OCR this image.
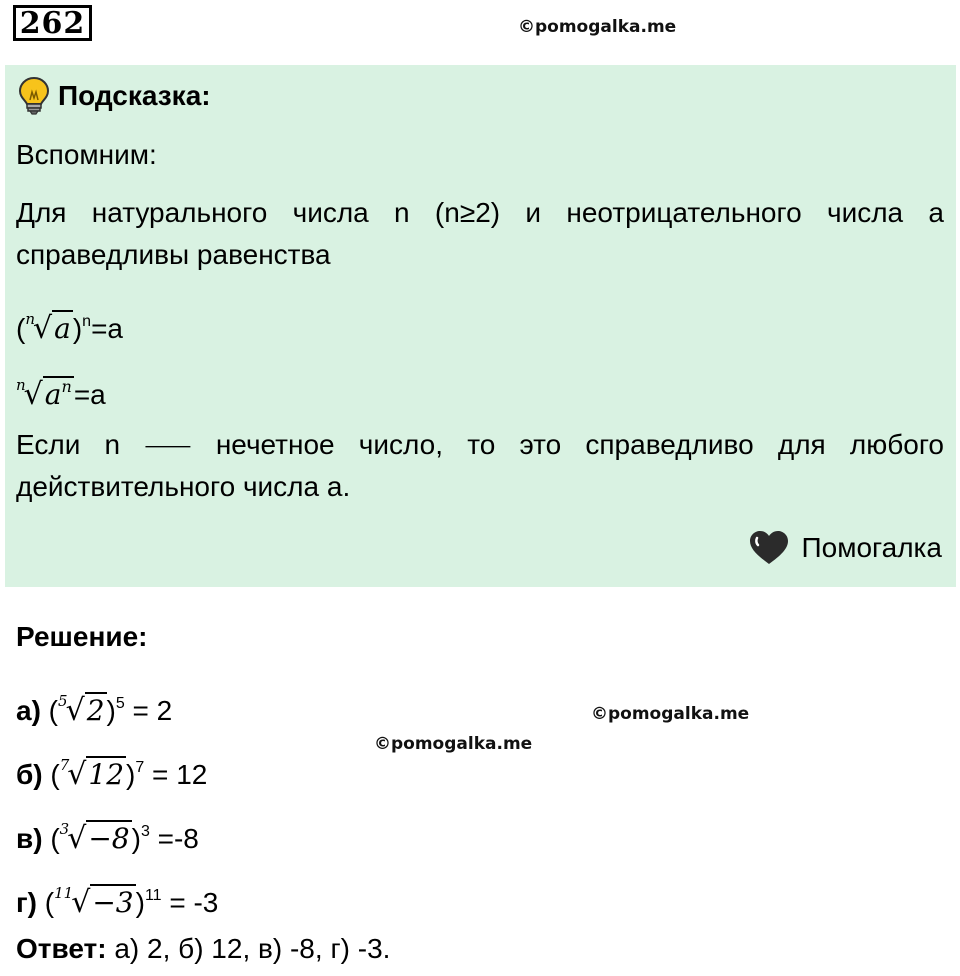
262	©pomogalka.me
Подсказка:
Вспомним:
Для натурального числа n (n≥2) и неотрицательного числа a справедливы равенства
$(^n√a)^n=a$
$^n√a^n=a$
Если n ⸺ нечетное число, то это справедливо для любого действительного числа a.
Помогалка
Решение:
©pomogalka.me
©pomogalka.me
а) $(^5√2)^5 = 2$
б) $(^7√12)^7 = 12$
в) $(^3√-8)^3 =-8$
г) $(^{11}√-3)^{11} = -3$
Ответ: а) 2, б) 12, в) -8, г) -3.
